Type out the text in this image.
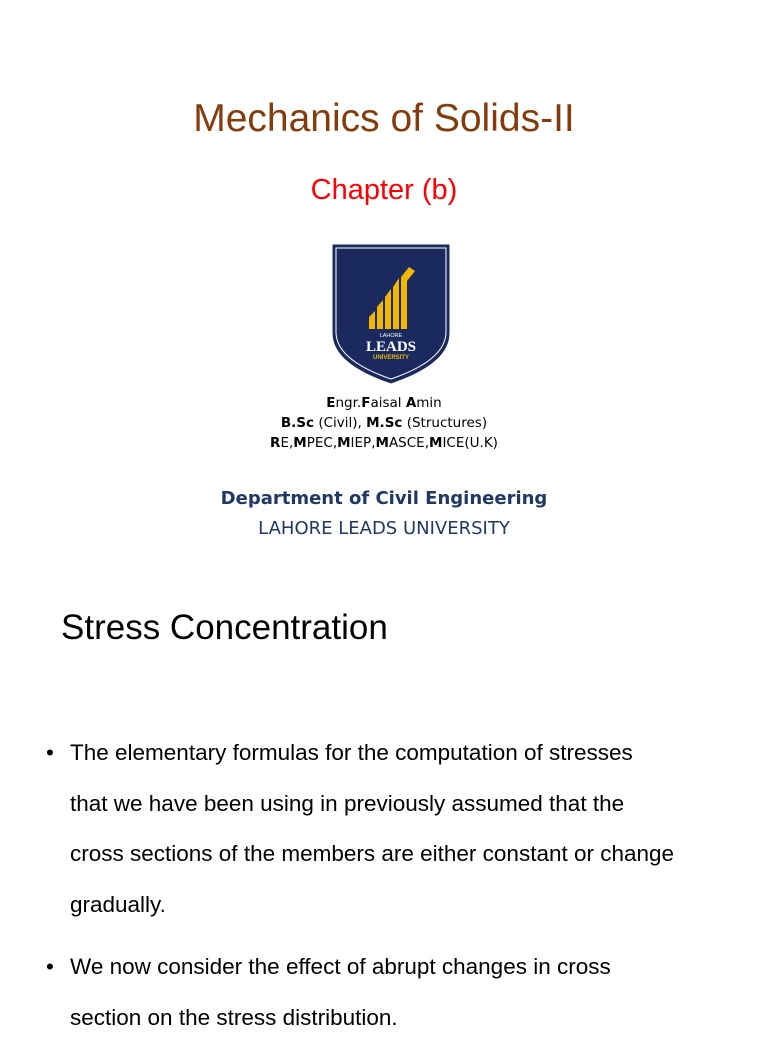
Mechanics of Solids-II
Chapter (b)
LAHORE
LEADS
UNIVERSITY
Engr.Faisal Amin
B.Sc (Civil), M.Sc (Structures)
RE,MPEC,MIEP,MASCE,MICE(U.K)
Department of Civil Engineering
LAHORE LEADS UNIVERSITY
Stress Concentration
• The elementary formulas for the computation of stresses
that we have been using in previously assumed that the
cross sections of the members are either constant or change
gradually.
• We now consider the effect of abrupt changes in cross
section on the stress distribution.
